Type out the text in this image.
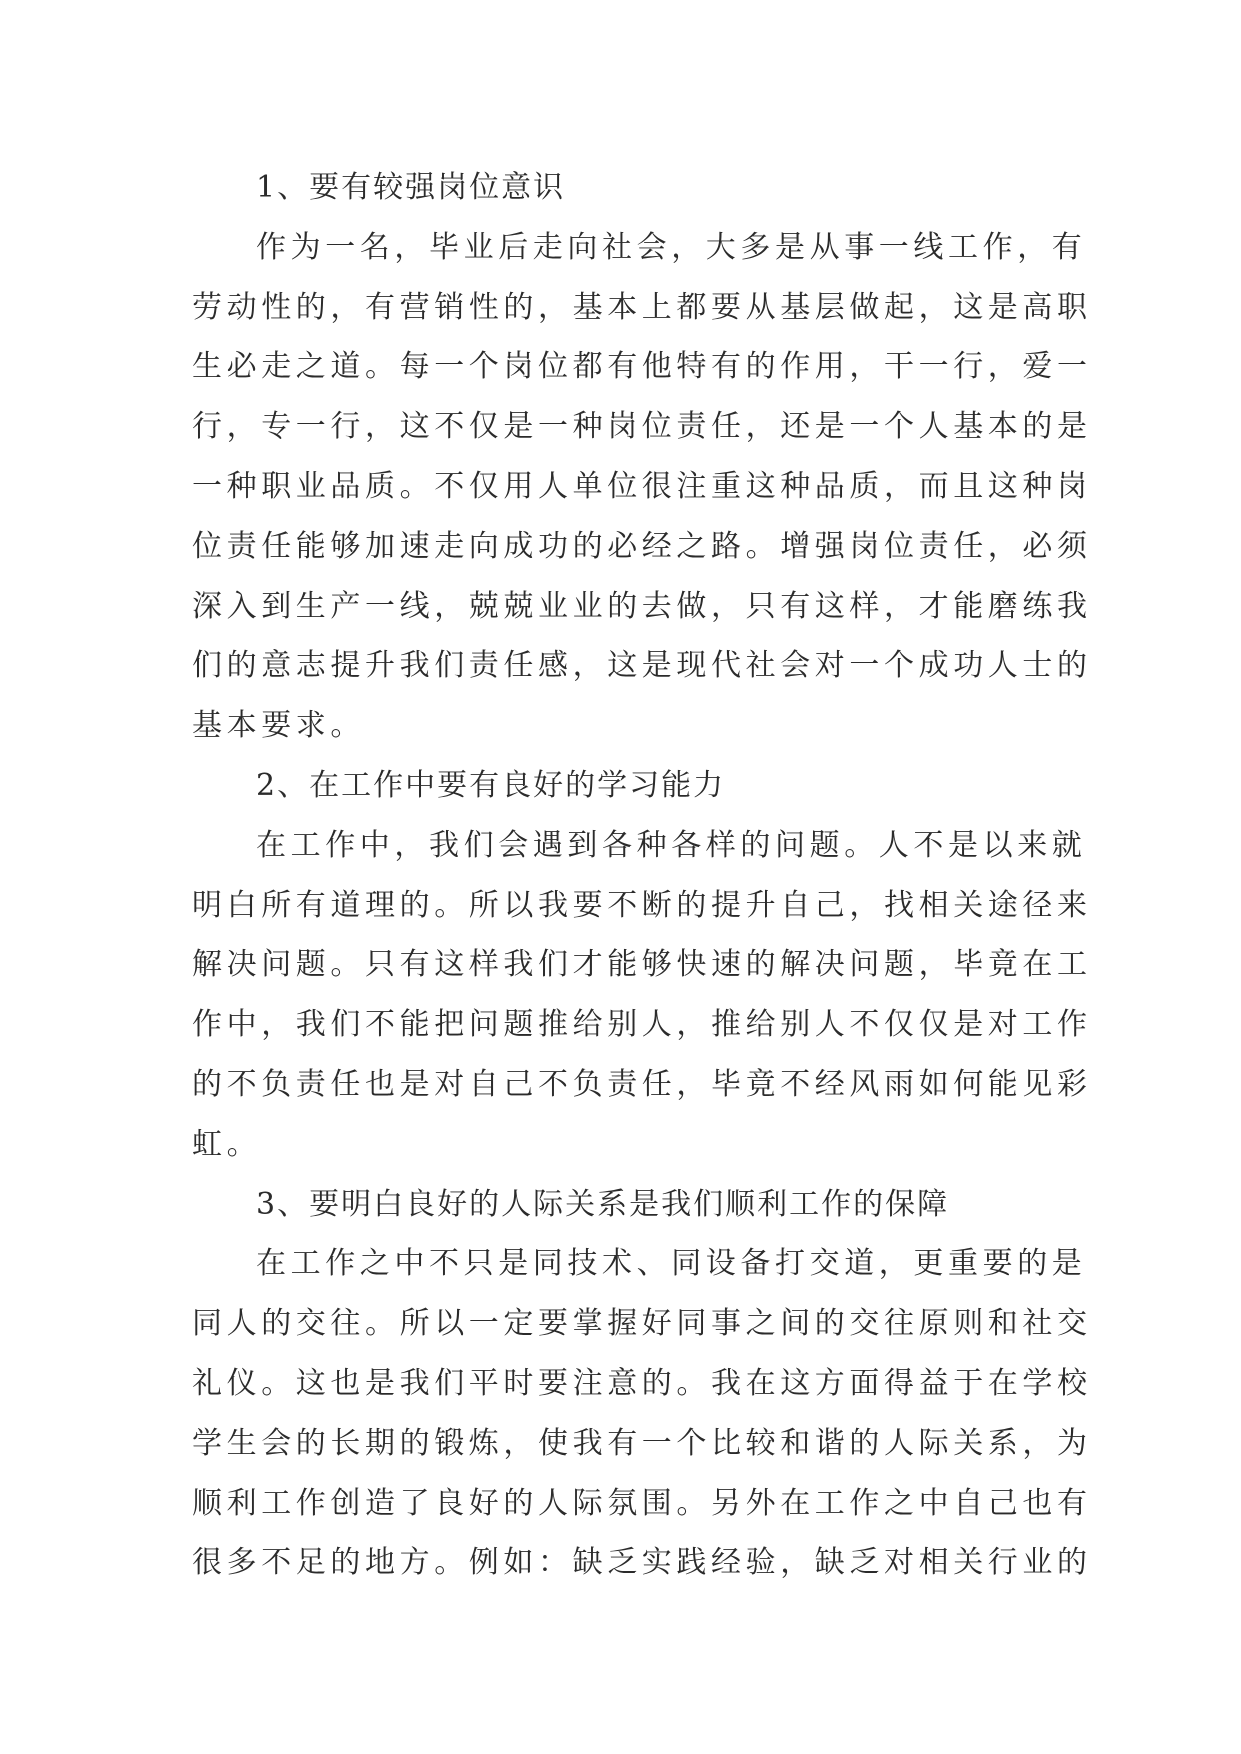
1、要有较强岗位意识
作为一名，毕业后走向社会，大多是从事一线工作，有
劳动性的，有营销性的，基本上都要从基层做起，这是高职
生必走之道。每一个岗位都有他特有的作用，干一行，爱一
行，专一行，这不仅是一种岗位责任，还是一个人基本的是
一种职业品质。不仅用人单位很注重这种品质，而且这种岗
位责任能够加速走向成功的必经之路。增强岗位责任，必须
深入到生产一线，兢兢业业的去做，只有这样，才能磨练我
们的意志提升我们责任感，这是现代社会对一个成功人士的
基本要求。
2、在工作中要有良好的学习能力
在工作中，我们会遇到各种各样的问题。人不是以来就
明白所有道理的。所以我要不断的提升自己，找相关途径来
解决问题。只有这样我们才能够快速的解决问题，毕竟在工
作中，我们不能把问题推给别人，推给别人不仅仅是对工作
的不负责任也是对自己不负责任，毕竟不经风雨如何能见彩
虹。
3、要明白良好的人际关系是我们顺利工作的保障
在工作之中不只是同技术、同设备打交道，更重要的是
同人的交往。所以一定要掌握好同事之间的交往原则和社交
礼仪。这也是我们平时要注意的。我在这方面得益于在学校
学生会的长期的锻炼，使我有一个比较和谐的人际关系，为
顺利工作创造了良好的人际氛围。另外在工作之中自己也有
很多不足的地方。例如：缺乏实践经验，缺乏对相关行业的
